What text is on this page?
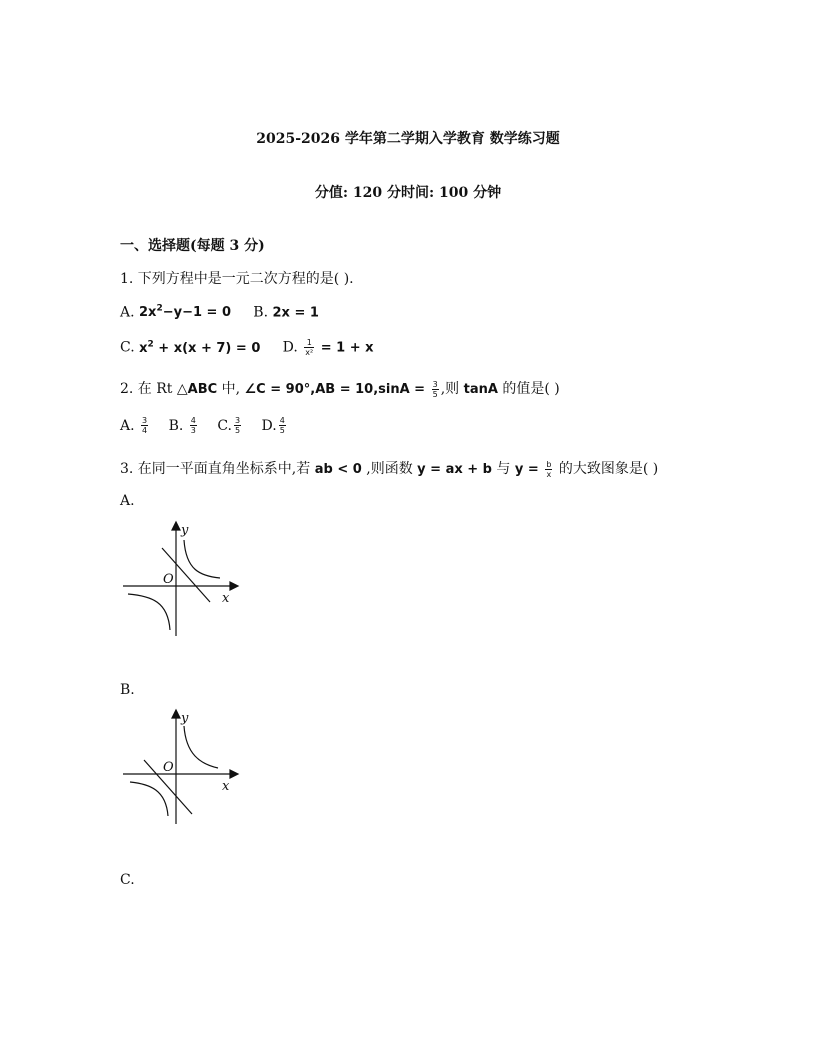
2025-2026 学年第二学期入学教育 数学练习题
分值: 120 分时间: 100 分钟
一、选择题(每题 3 分)
1. 下列方程中是一元二次方程的是( ).
A. $2x^2-y-1 = 0$ B. 2x = 1
C. $x^2 + x(x + 7) = 0$ D. $\frac{1}{\text{x²}} = 1 + x$
2. 在 Rt △ABC 中, ∠C = $90^\circ,AB = 10,\sin A = \frac{3}{5}$ ,则 tanA 的值是( )
A. $\frac{3}{4} B$. $\frac{4}{3} C$. $\frac{3}{5} D$. $\frac{4}{5}$
3. 在同一平面直角坐标系中,若 ab < 0 ,则函数 y = ax + b 与 $y = \frac{b}{x}$ 的大致图象是( )
A.
y
x
O
B.
y
x
O
C.
